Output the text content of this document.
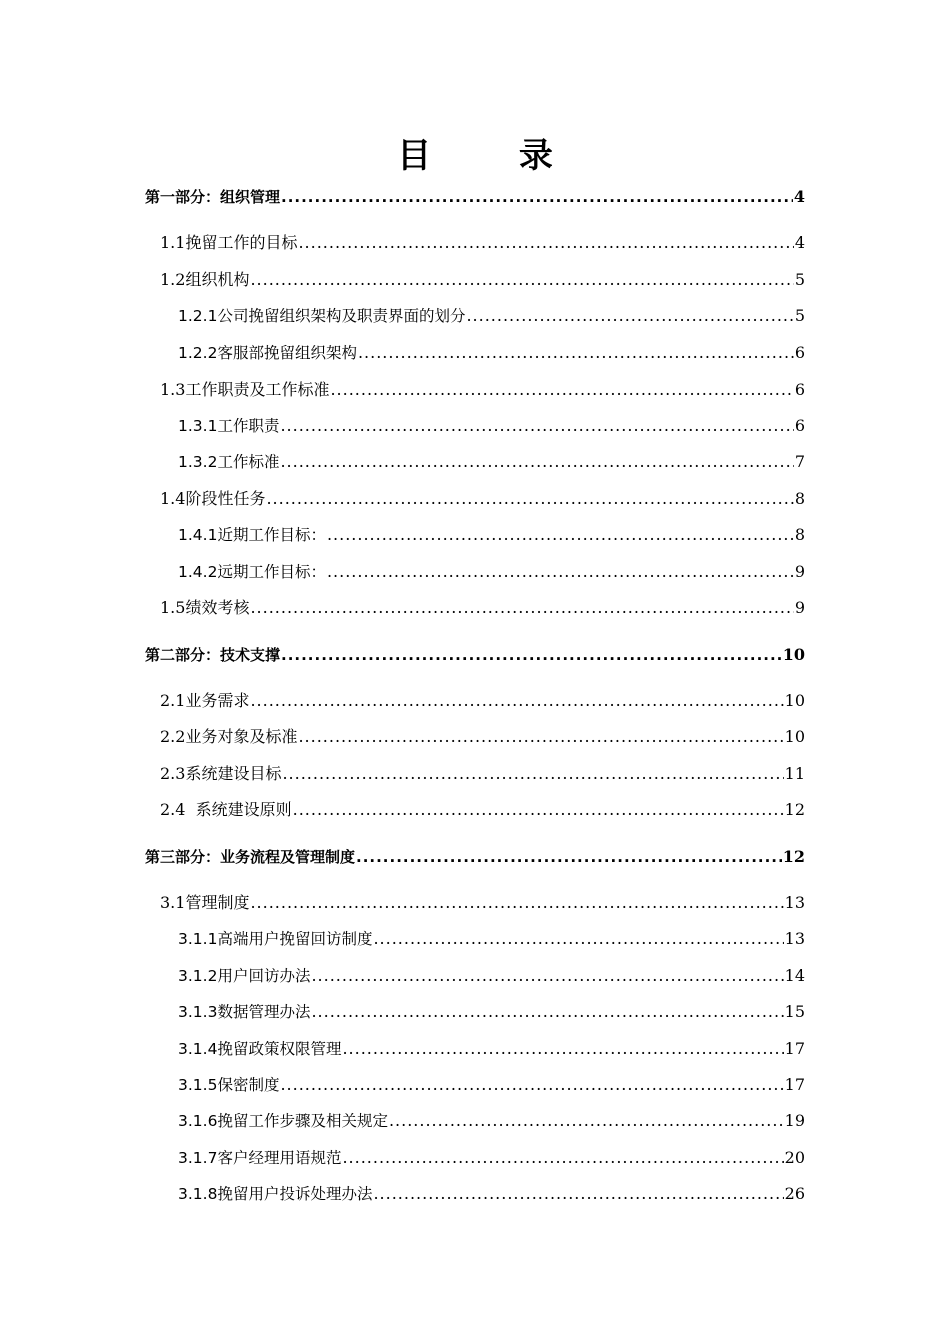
目 录
第一部分：组织管理 .....	4
1.1挽留工作的目标 .....	4
1.2组织机构 .....	5
1.2.1公司挽留组织架构及职责界面的划分 .....	5
1.2.2客服部挽留组织架构 .....	6
1.3工作职责及工作标准 .....	6
1.3.1工作职责 .....	6
1.3.2工作标准 .....	7
1.4阶段性任务 .....	8
1.4.1近期工作目标： .....	8
1.4.2远期工作目标： .....	9
1.5绩效考核 .....	9
第二部分：技术支撑 .....	10
2.1业务需求 .....	10
2.2业务对象及标准 .....	10
2.3系统建设目标 .....	11
2.4  系统建设原则 .....	12
第三部分：业务流程及管理制度 .....	12
3.1管理制度 .....	13
3.1.1高端用户挽留回访制度 .....	13
3.1.2用户回访办法 .....	14
3.1.3数据管理办法 .....	15
3.1.4挽留政策权限管理 .....	17
3.1.5保密制度 .....	17
3.1.6挽留工作步骤及相关规定 .....	19
3.1.7客户经理用语规范 .....	20
3.1.8挽留用户投诉处理办法 .....	26
